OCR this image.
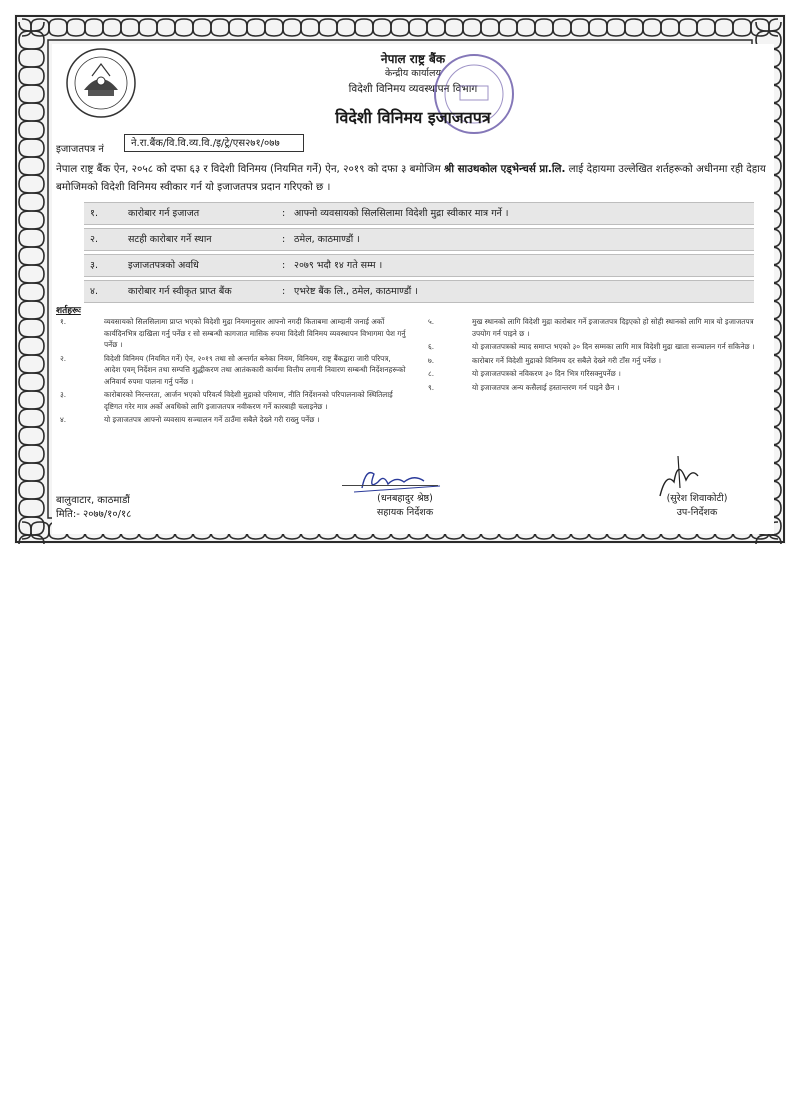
नेपाल राष्ट्र बैंक
केन्द्रीय कार्यालय
विदेशी विनिमय व्यवस्थापन विभाग
विदेशी विनिमय इजाजतपत्र
इजाजतपत्र नं
ने.रा.बैंक/वि.वि.व्य.वि./इ/ट्रे/एस२७१/०७७
नेपाल राष्ट्र बैंक ऐन, २०५८ को दफा ६३ र विदेशी विनिमय (नियमित गर्ने) ऐन, २०१९ को दफा ३ बमोजिम श्री साउथकोल एड्भेन्चर्स प्रा.लि. लाई देहायमा उल्लेखित शर्तहरूको अधीनमा रही देहाय बमोजिमको विदेशी विनिमय स्वीकार गर्न यो इजाजतपत्र प्रदान गरिएको छ ।
१.	कारोबार गर्न इजाजत	: आफ्नो व्यवसायको सिलसिलामा विदेशी मुद्रा स्वीकार मात्र गर्ने ।
२.	सटही कारोबार गर्ने स्थान	: ठमेल, काठमाण्डौं ।
३.	इजाजतपत्रको अवधि	: २०७९ भदौ १४ गते सम्म ।
४.	कारोबार गर्न स्वीकृत प्राप्त बैंक	: एभरेष्ट बैंक लि., ठमेल, काठमाण्डौं ।
शर्तहरूः
१.	व्यवसायको सिलसिलामा प्राप्त भएको विदेशी मुद्रा नियमानुसार आफ्नो नगदी किताबमा आम्दानी जनाई अर्को कार्यदिनभित्र दाखिला गर्नु पर्नेछ र सो सम्बन्धी कागजात मासिक रुपमा विदेशी विनिमय व्यवस्थापन विभागमा पेश गर्नु पर्नेछ ।
२.	विदेशी विनिमय (नियमित गर्ने) ऐन, २०१९ तथा सो अन्तर्गत बनेका नियम, विनियम, राष्ट्र बैंकद्वारा जारी परिपत्र, आदेश एवम् निर्देशन तथा सम्पत्ति शुद्धीकरण तथा आतंककारी कार्यमा वित्तीय लगानी निवारण सम्बन्धी निर्देशनहरूको अनिवार्य रुपमा पालना गर्नु पर्नेछ ।
३.	कारोबारको निरन्तरता, आर्जन भएको परिवर्त्य विदेशी मुद्राको परिमाण, नीति निर्देशनको परिपालनाको स्थितिलाई दृष्टिगत गरेर मात्र अर्को अवधिको लागि इजाजतपत्र नवीकरण गर्ने कारबाही चलाइनेछ ।
४.	यो इजाजतपत्र आफ्नो व्यवसाय सञ्चालन गर्ने ठाउँमा सबैले देख्ने गरी राख्नु पर्नेछ ।
५.	मुख स्थानको लागि विदेशी मुद्रा कारोबार गर्ने इजाजतपत्र दिइएको हो सोही स्थानको लागि मात्र यो इजाजतपत्र उपयोग गर्न पाइने छ ।
६.	यो इजाजतपत्रको म्याद समाप्त भएको ३० दिन सम्मका लागि मात्र विदेशी मुद्रा खाता सञ्चालन गर्न सकिनेछ ।
७.	कारोबार गर्ने विदेशी मुद्राको विनिमय दर सबैले देख्ने गरी टाँस गर्नु पर्नेछ ।
८.	यो इजाजतपत्रको नविकरण ३० दिन भित्र गरिसक्नुपर्नेछ ।
९.	यो इजाजतपत्र अन्य कसैलाई हस्तान्तरण गर्न पाइने छैन ।
(धनबहादुर श्रेष्ठ)
सहायक निर्देशक
(सुरेश शिवाकोटी)
उप-निर्देशक
बालुवाटार, काठमाडौं
मिति:- २०७७/१०/१८
